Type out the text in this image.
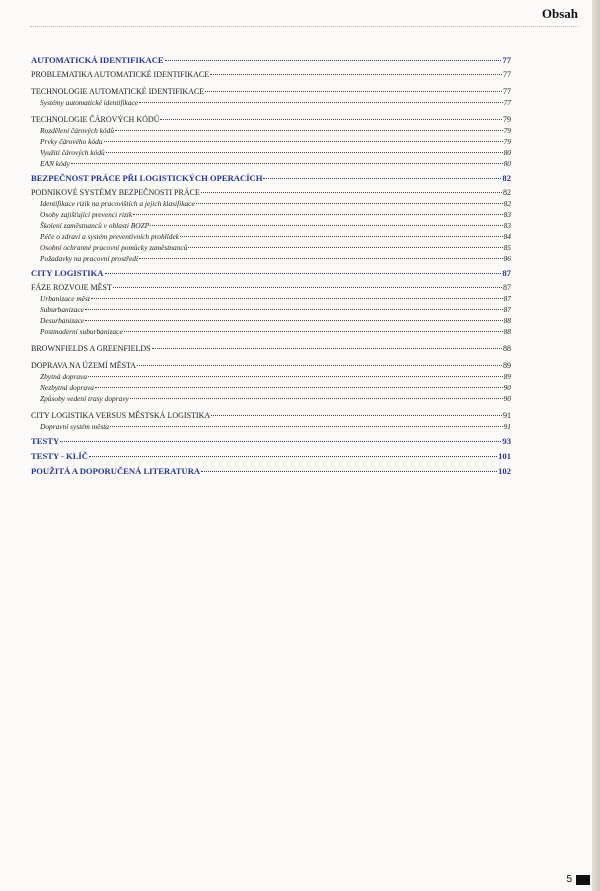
Obsah
AUTOMATICKÁ IDENTIFIKACE	77
PROBLEMATIKA AUTOMATICKÉ IDENTIFIKACE	77
TECHNOLOGIE AUTOMATICKÉ IDENTIFIKACE	77
Systémy automatické identifikace	77
TECHNOLOGIE ČÁROVÝCH KÓDŮ	79
Rozdělení čárových kódů	79
Prvky čárového kódu	79
Využití čárových kódů	80
EAN kódy	80
BEZPEČNOST PRÁCE PŘI LOGISTICKÝCH OPERACÍCH	82
PODNIKOVÉ SYSTÉMY BEZPEČNOSTI PRÁCE	82
Identifikace rizik na pracovištích a jejich klasifikace	82
Osoby zajišťující prevenci rizik	83
Školení zaměstnanců v oblasti BOZP	83
Péče o zdraví a systém preventivních prohlídek	84
Osobní ochranné pracovní pomůcky zaměstnanců	85
Požadavky na pracovní prostředí	86
CITY LOGISTIKA	87
FÁZE ROZVOJE MĚST	87
Urbanizace měst	87
Suburbanizace	87
Desurbanizace	88
Postmoderní suburbanizace	88
BROWNFIELDS A GREENFIELDS	88
DOPRAVA NA ÚZEMÍ MĚSTA	89
Zbytná doprava	89
Nezbytná doprava	90
Způsoby vedení trasy dopravy	90
CITY LOGISTIKA VERSUS MĚSTSKÁ LOGISTIKA	91
Dopravní systém města	91
TESTY	93
TESTY - KLÍČ	101
POUŽITÁ A DOPORUČENÁ LITERATURA	102
5
